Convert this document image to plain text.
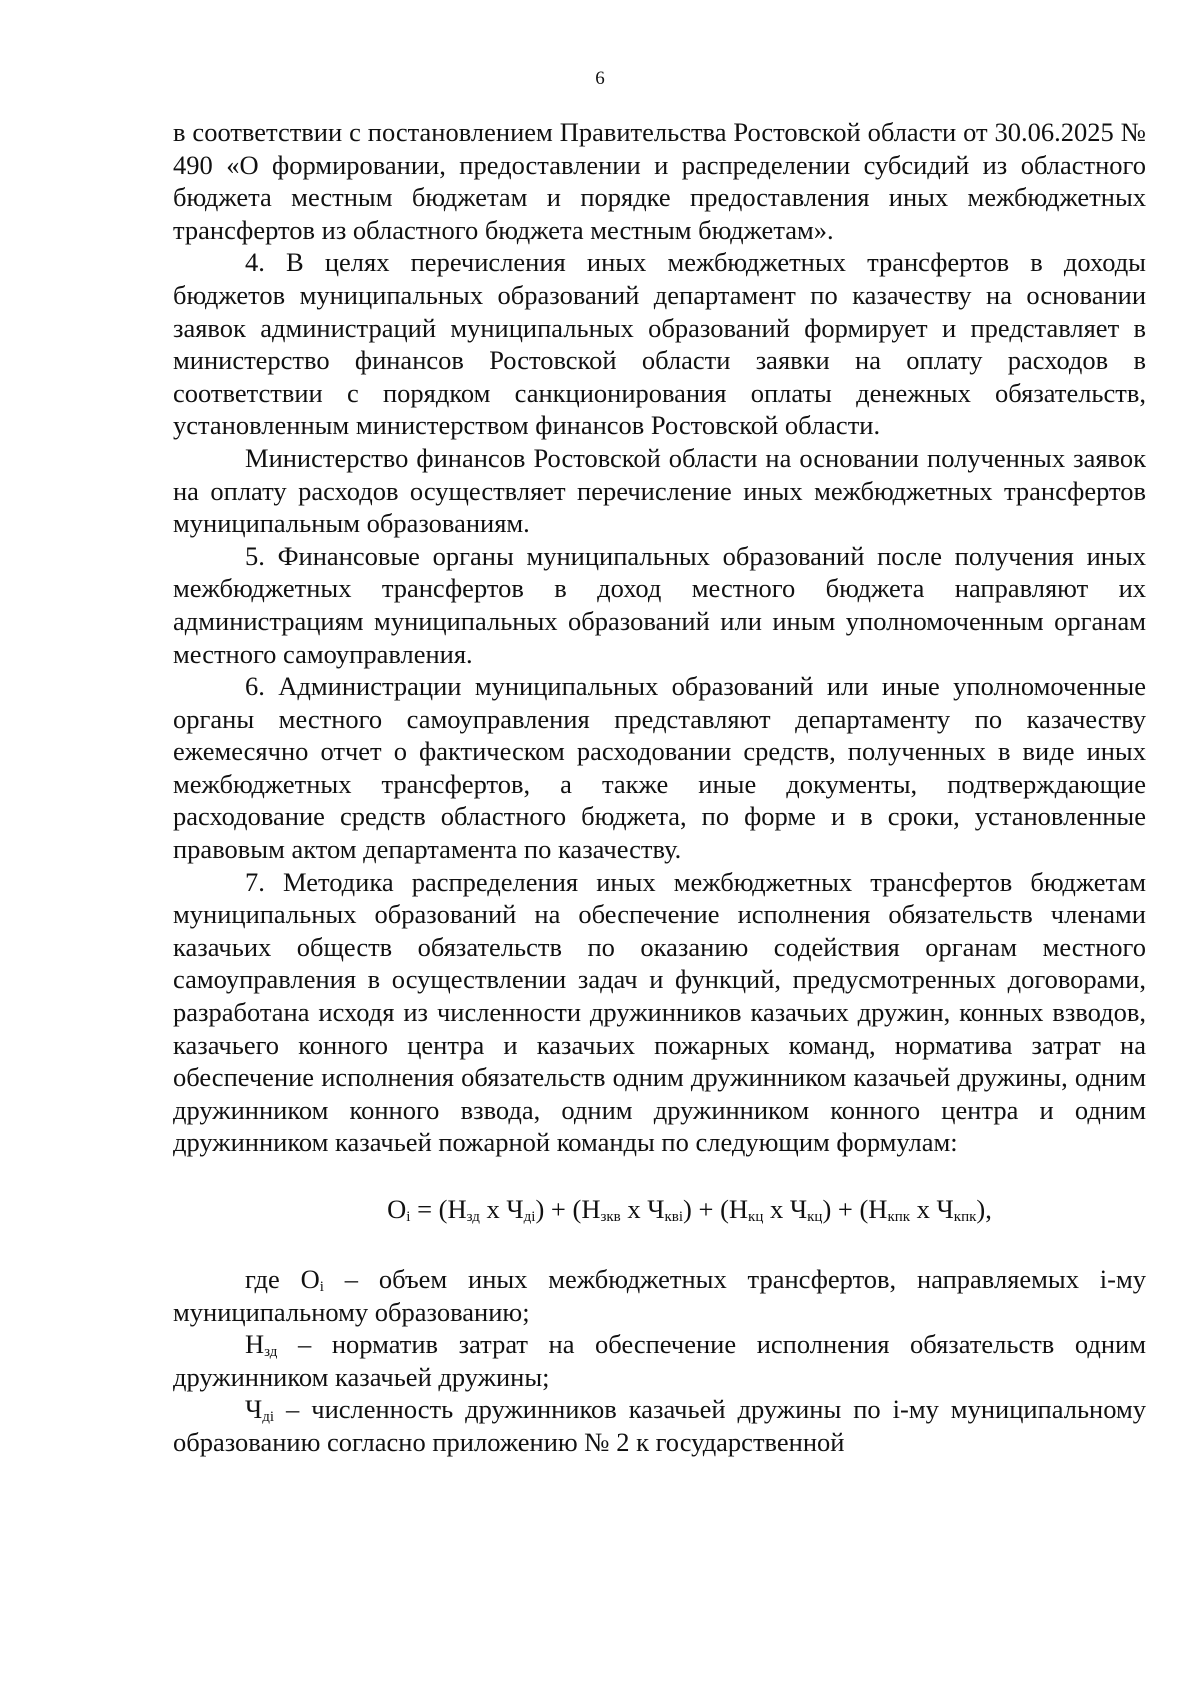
6

в соответствии с постановлением Правительства Ростовской области от 30.06.2025 № 490 «О формировании, предоставлении и распределении субсидий из областного бюджета местным бюджетам и порядке предоставления иных межбюджетных трансфертов из областного бюджета местным бюджетам».

4. В целях перечисления иных межбюджетных трансфертов в доходы бюджетов муниципальных образований департамент по казачеству на основании заявок администраций муниципальных образований формирует и представляет в министерство финансов Ростовской области заявки на оплату расходов в соответствии с порядком санкционирования оплаты денежных обязательств, установленным министерством финансов Ростовской области.

Министерство финансов Ростовской области на основании полученных заявок на оплату расходов осуществляет перечисление иных межбюджетных трансфертов муниципальным образованиям.

5. Финансовые органы муниципальных образований после получения иных межбюджетных трансфертов в доход местного бюджета направляют их администрациям муниципальных образований или иным уполномоченным органам местного самоуправления.

6. Администрации муниципальных образований или иные уполномоченные органы местного самоуправления представляют департаменту по казачеству ежемесячно отчет о фактическом расходовании средств, полученных в виде иных межбюджетных трансфертов, а также иные документы, подтверждающие расходование средств областного бюджета, по форме и в сроки, установленные правовым актом департамента по казачеству.

7. Методика распределения иных межбюджетных трансфертов бюджетам муниципальных образований на обеспечение исполнения обязательств членами казачьих обществ обязательств по оказанию содействия органам местного самоуправления в осуществлении задач и функций, предусмотренных договорами, разработана исходя из численности дружинников казачьих дружин, конных взводов, казачьего конного центра и казачьих пожарных команд, норматива затрат на обеспечение исполнения обязательств одним дружинником казачьей дружины, одним дружинником конного взвода, одним дружинником конного центра и одним дружинником казачьей пожарной команды по следующим формулам:

$O_i = (Н_{зд}$ х $Ч_{дi}) + (Н_{зкв}$ х $Ч_{квi}) + (Н_{кц}$ х $Ч_{кц}) + (Н_{кпк}$ х $Ч_{кпк}$),

где $O_i$ – объем иных межбюджетных трансфертов, направляемых i-му муниципальному образованию;

$Н_{зд}$ – норматив затрат на обеспечение исполнения обязательств одним дружинником казачьей дружины;

$Ч_{дi}$ – численность дружинников казачьей дружины по i-му муниципальному образованию согласно приложению № 2 к государственной
